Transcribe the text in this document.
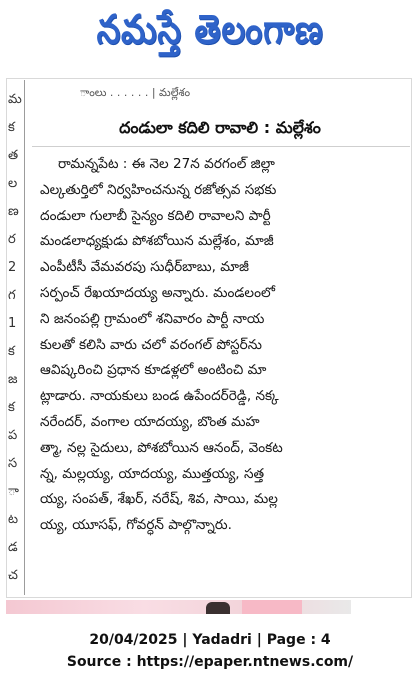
నమస్తే తెలంగాణ
మ
క
త
ల
ణ
ర
2
గ
1
క
జ
క
ప
స
ా
ట
డ
చ
ాంలు . . . . . . | మల్లేశం
దండులా కదిలి రావాలి : మల్లేశం
రామన్నపేట : ఈ నెల 27న వరగంల్ జిల్లా
ఎల్కతుర్తిలో నిర్వహించనున్న రజోత్సవ సభకు
దండులా గులాబీ సైన్యం కదిలి రావాలని పార్టీ
మండలాధ్యక్షుడు పోశబోయిన మల్లేశం, మాజీ
ఎంపీటీసీ వేమవరపు సుధీర్‌బాబు, మాజీ
సర్పంచ్ రేఖయాదయ్య అన్నారు. మండలంలో
ని జనంపల్లి గ్రామంలో శనివారం పార్టీ నాయ
కులతో కలిసి వారు చలో వరంగల్ పోస్టర్‌ను
ఆవిష్కరించి ప్రధాన కూడళ్లలో అంటించి మా
ట్లాడారు. నాయకులు బండ ఉపేందర్‌రెడ్డి, నక్క
నరేందర్, వంగాల యాదయ్య, బొంత మహ
త్మా, నల్ల సైదులు, పోశబోయిన ఆనంద్, వెంకట
న్న, మల్లయ్య, యాదయ్య, ముత్తయ్య, సత్త
య్య, సంపత్, శేఖర్, నరేష్, శివ, సాయి, మల్ల
య్య, యూసఫ్, గోవర్ధన్ పాల్గొన్నారు.
20/04/2025 | Yadadri | Page : 4
Source : https://epaper.ntnews.com/
